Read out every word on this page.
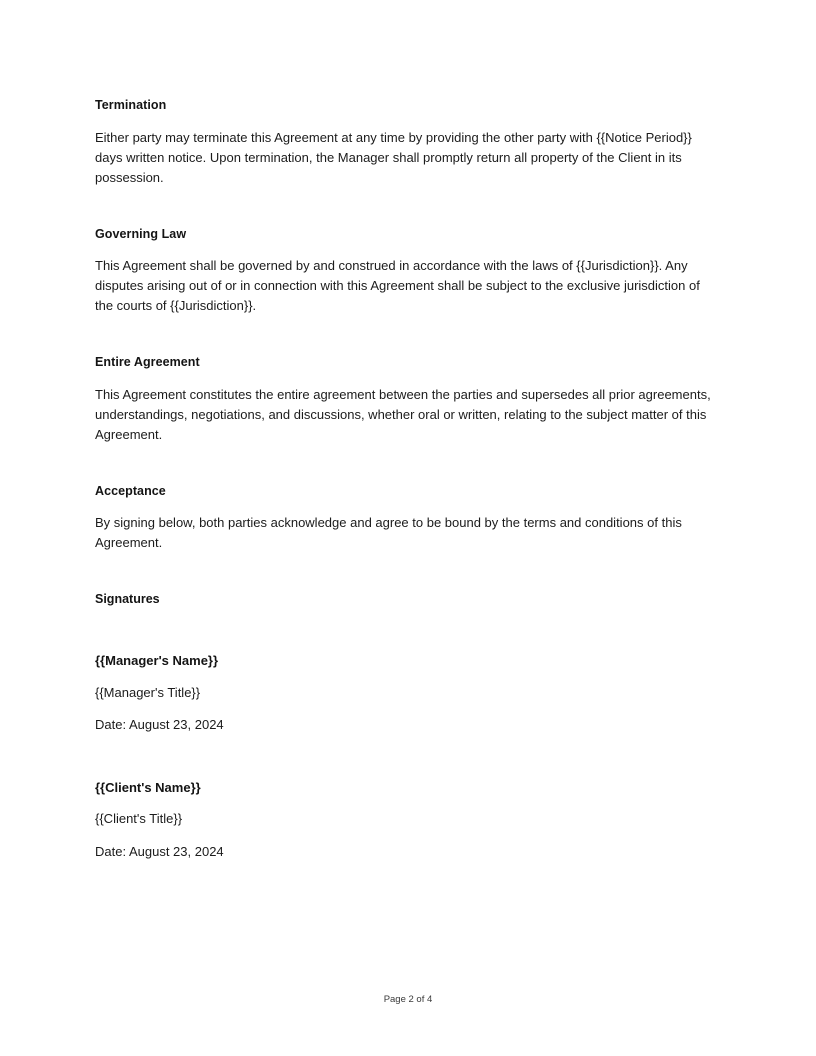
Termination

Either party may terminate this Agreement at any time by providing the other party with {{Notice Period}} days written notice. Upon termination, the Manager shall promptly return all property of the Client in its possession.

Governing Law

This Agreement shall be governed by and construed in accordance with the laws of {{Jurisdiction}}. Any disputes arising out of or in connection with this Agreement shall be subject to the exclusive jurisdiction of the courts of {{Jurisdiction}}.

Entire Agreement

This Agreement constitutes the entire agreement between the parties and supersedes all prior agreements, understandings, negotiations, and discussions, whether oral or written, relating to the subject matter of this Agreement.

Acceptance

By signing below, both parties acknowledge and agree to be bound by the terms and conditions of this Agreement.

Signatures
{{Manager's Name}}
{{Manager's Title}}
Date: August 23, 2024
{{Client's Name}}
{{Client's Title}}
Date: August 23, 2024
Page 2 of 4
